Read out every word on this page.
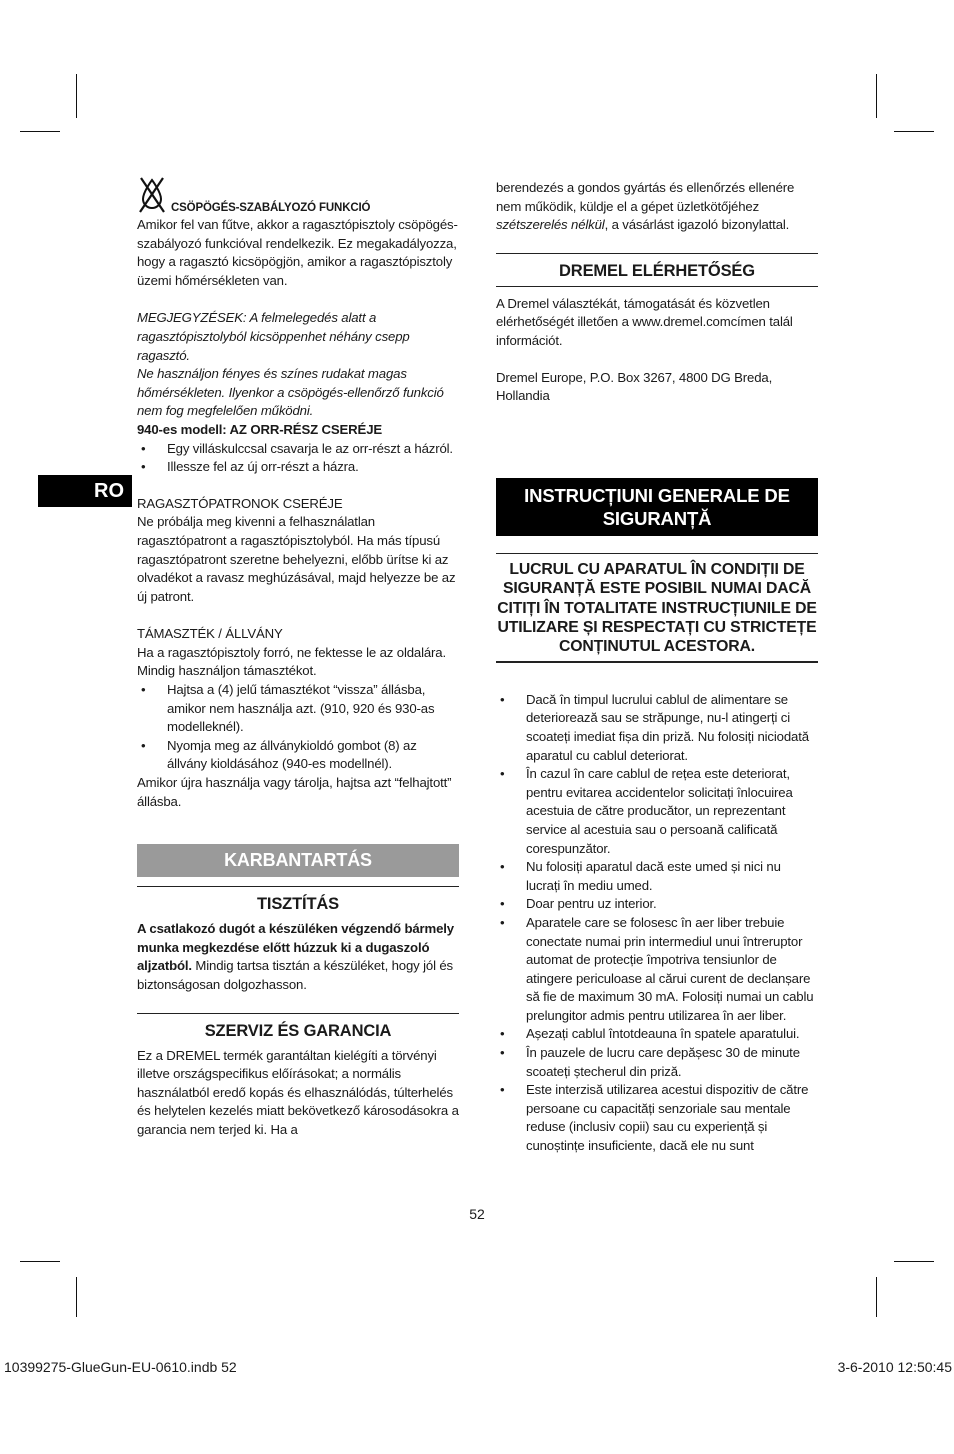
RO
CSÖPÖGÉS-SZABÁLYOZÓ FUNKCIÓ

Amikor fel van fűtve, akkor a ragasztópisztoly csöpögés-szabályozó funkcióval rendelkezik. Ez megakadályozza, hogy a ragasztó kicsöpögjön, amikor a ragasztópisztoly üzemi hőmérsékleten van.

MEGJEGYZÉSEK: A felmelegedés alatt a ragasztópisztolyból kicsöppenhet néhány csepp ragasztó.

Ne használjon fényes és színes rudakat magas hőmérsékleten. Ilyenkor a csöpögés-ellenőrző funkció nem fog megfelelően működni.

940-es modell: AZ ORR-RÉSZ CSERÉJE

• Egy villáskulccsal csavarja le az orr-részt a házról.
• Illessze fel az új orr-részt a házra.

RAGASZTÓPATRONOK CSERÉJE

Ne próbálja meg kivenni a felhasználatlan ragasztópatront a ragasztópisztolyból. Ha más típusú ragasztópatront szeretne behelyezni, előbb ürítse ki az olvadékot a ravasz meghúzásával, majd helyezze be az új patront.

TÁMASZTÉK / ÁLLVÁNY

Ha a ragasztópisztoly forró, ne fektesse le az oldalára. Mindig használjon támasztékot.

• Hajtsa a (4) jelű támasztékot “vissza” állásba, amikor nem használja azt. (910, 920 és 930-as modelleknél).
• Nyomja meg az állványkioldó gombot (8) az állvány kioldásához (940-es modellnél).

Amikor újra használja vagy tárolja, hajtsa azt “felhajtott” állásba.

KARBANTARTÁS
TISZTÍTÁS

A csatlakozó dugót a készüléken végzendő bármely munka megkezdése előtt húzzuk ki a dugaszoló aljzatból. Mindig tartsa tisztán a készüléket, hogy jól és biztonságosan dolgozhasson.

SZERVIZ ÉS GARANCIA

Ez a DREMEL termék garantáltan kielégíti a törvényi illetve országspecifikus előírásokat; a normális használatból eredő kopás és elhasználódás, túlterhelés és helytelen kezelés miatt bekövetkező károsodásokra a garancia nem terjed ki. Ha a

berendezés a gondos gyártás és ellenőrzés ellenére nem működik, küldje el a gépet üzletkötőjéhez szétszerelés nélkül, a vásárlást igazoló bizonylattal.

DREMEL ELÉRHETŐSÉG

A Dremel választékát, támogatását és közvetlen elérhetőségét illetően a www.dremel.comcímen talál információt.

Dremel Europe, P.O. Box 3267, 4800 DG Breda, Hollandia

INSTRUCȚIUNI GENERALE DE SIGURANȚĂ
LUCRUL CU APARATUL ÎN CONDIȚII DE SIGURANȚĂ ESTE POSIBIL NUMAI DACĂ CITIȚI ÎN TOTALITATE INSTRUCȚIUNILE DE UTILIZARE ȘI RESPECTAȚI CU STRICTEȚE CONȚINUTUL ACESTORA.
• Dacă în timpul lucrului cablul de alimentare se deteriorează sau se străpunge, nu-l atingerți ci scoateți imediat fișa din priză. Nu folosiți niciodată aparatul cu cablul deteriorat.
• În cazul în care cablul de rețea este deteriorat, pentru evitarea accidentelor solicitați înlocuirea acestuia de către producător, un reprezentant service al acestuia sau o persoană calificată corespunzător.
• Nu folosiți aparatul dacă este umed și nici nu lucrați în mediu umed.
• Doar pentru uz interior.
• Aparatele care se folosesc în aer liber trebuie conectate numai prin intermediul unui întreruptor automat de protecție împotriva tensiunlor de atingere periculoase al cărui curent de declanșare să fie de maximum 30 mA. Folosiți numai un cablu prelungitor admis pentru utilizarea în aer liber.
• Așezați cablul întotdeauna în spatele aparatului.
• În pauzele de lucru care depășesc 30 de minute scoateți ștecherul din priză.
• Este interzisă utilizarea acestui dispozitiv de către persoane cu capacități senzoriale sau mentale reduse (inclusiv copii) sau cu experiență și cunoștințe insuficiente, dacă ele nu sunt
52
10399275-GlueGun-EU-0610.indb 52	3-6-2010 12:50:45
